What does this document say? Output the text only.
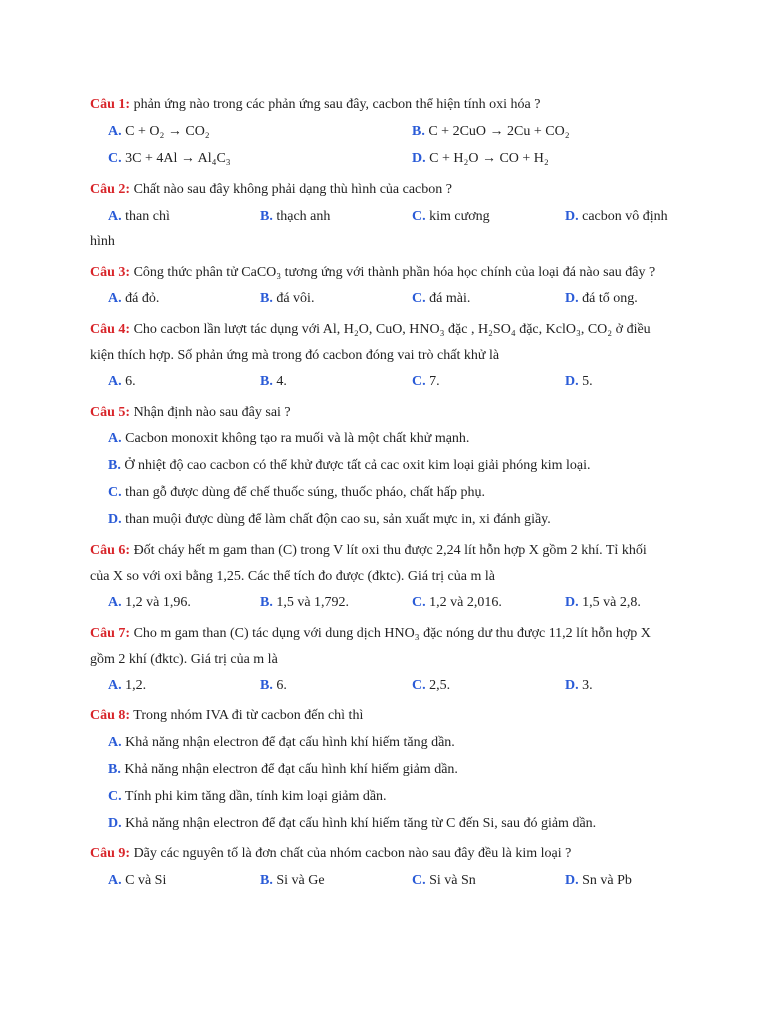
Câu 1: phản ứng nào trong các phản ứng sau đây, cacbon thể hiện tính oxi hóa ?
A. C + O₂ → CO₂	B. C + 2CuO → 2Cu + CO₂
C. 3C + 4Al → Al₄C₃	D. C + H₂O → CO + H₂
Câu 2: Chất nào sau đây không phải dạng thù hình của cacbon ?
A. than chì	B. thạch anh	C. kim cương	D. cacbon vô định
hình
Câu 3: Công thức phân tử CaCO₃ tương ứng với thành phần hóa học chính của loại đá nào sau đây ?
A. đá đỏ.	B. đá vôi.	C. đá mài.	D. đá tổ ong.
Câu 4: Cho cacbon lần lượt tác dụng với Al, H₂O, CuO, HNO₃ đặc , H₂SO₄ đặc, KclO₃, CO₂ ở điều
kiện thích hợp. Số phản ứng mà trong đó cacbon đóng vai trò chất khử là
A. 6.	B. 4.	C. 7.	D. 5.
Câu 5: Nhận định nào sau đây sai ?
A. Cacbon monoxit không tạo ra muối và là một chất khử mạnh.
B. Ở nhiệt độ cao cacbon có thể khử được tất cả cac oxit kim loại giải phóng kim loại.
C. than gỗ được dùng để chế thuốc súng, thuốc pháo, chất hấp phụ.
D. than muội được dùng để làm chất độn cao su, sản xuất mực in, xi đánh giầy.
Câu 6: Đốt cháy hết m gam than (C) trong V lít oxi thu được 2,24 lít hỗn hợp X gồm 2 khí. Tỉ khối
của X so với oxi bằng 1,25. Các thể tích đo được (đktc). Giá trị của m là
A. 1,2 và 1,96.	B. 1,5 và 1,792.	C. 1,2 và 2,016.	D. 1,5 và 2,8.
Câu 7: Cho m gam than (C) tác dụng với dung dịch HNO₃ đặc nóng dư thu được 11,2 lít hỗn hợp X
gồm 2 khí (đktc). Giá trị của m là
A. 1,2.	B. 6.	C. 2,5.	D. 3.
Câu 8: Trong nhóm IVA đi từ cacbon đến chì thì
A. Khả năng nhận electron để đạt cấu hình khí hiếm tăng dần.
B. Khả năng nhận electron để đạt cấu hình khí hiếm giảm dần.
C. Tính phi kim tăng dần, tính kim loại giảm dần.
D. Khả năng nhận electron để đạt cấu hình khí hiếm tăng từ C đến Si, sau đó giảm dần.
Câu 9: Dãy các nguyên tố là đơn chất của nhóm cacbon nào sau đây đều là kim loại ?
A. C và Si	B. Si và Ge	C. Si và Sn	D. Sn và Pb
